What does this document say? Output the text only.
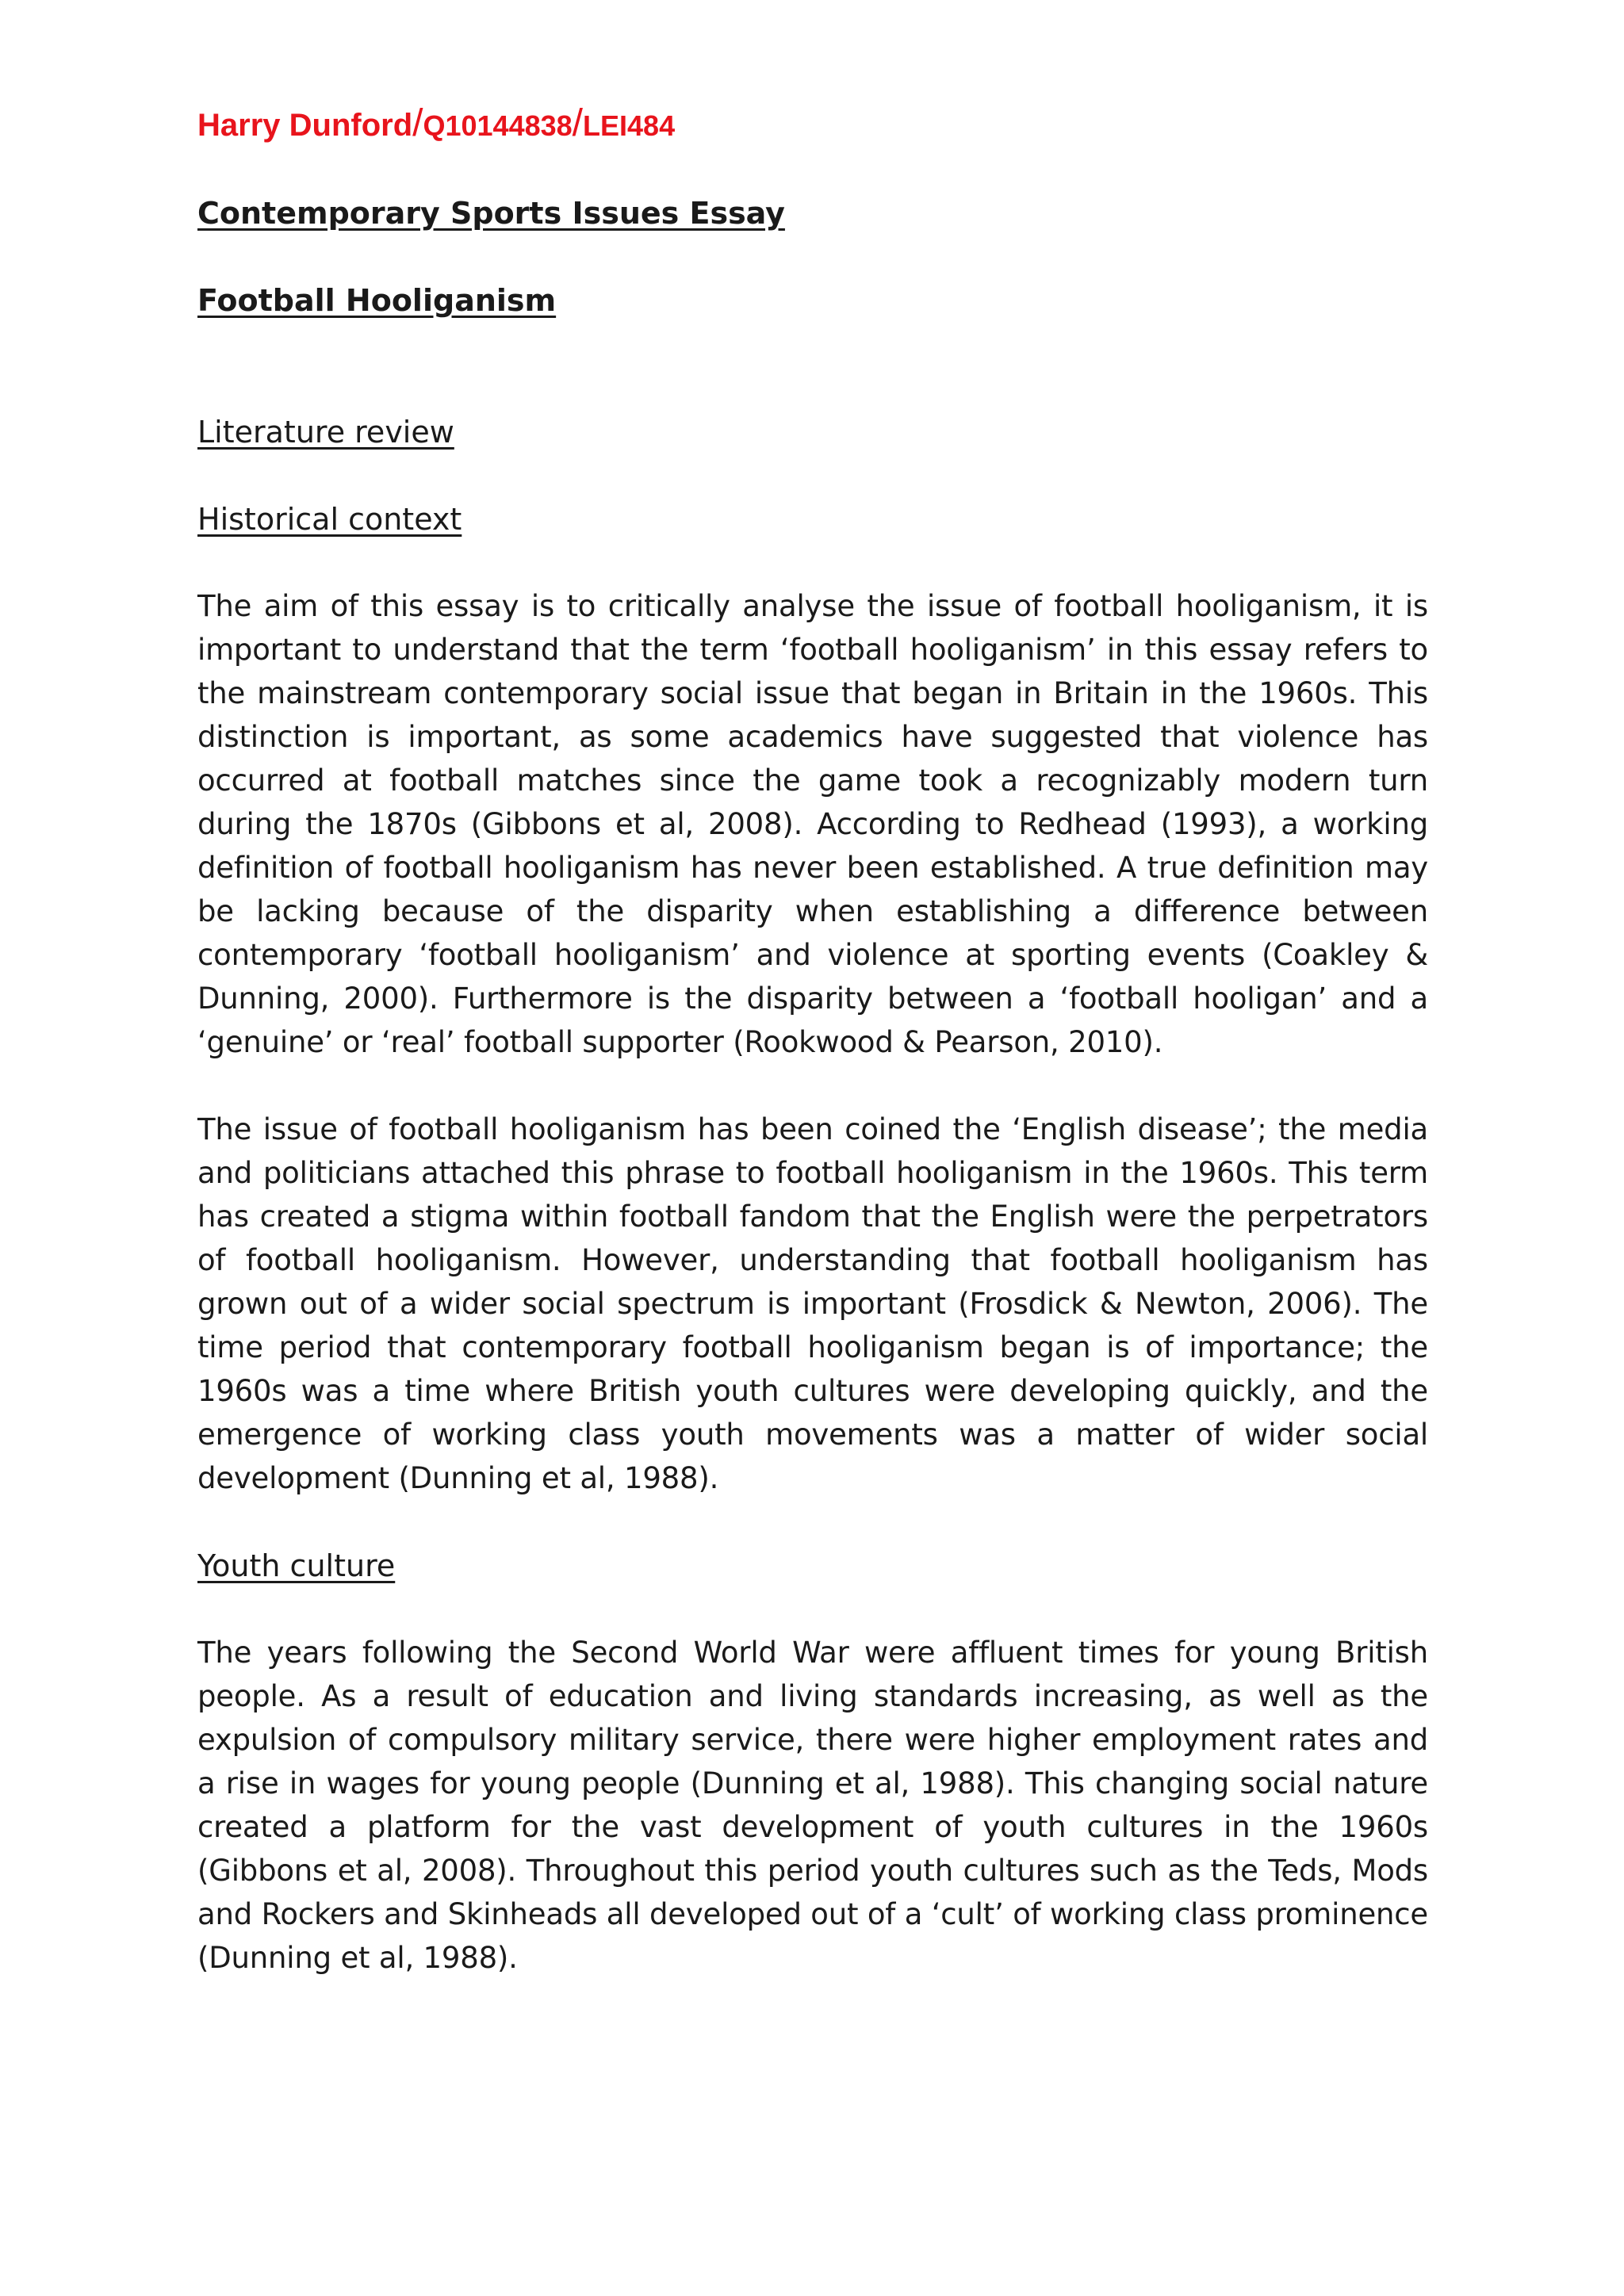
Harry Dunford/Q10144838/LEI484
Contemporary Sports Issues Essay
Football Hooliganism
Literature review
Historical context

The aim of this essay is to critically analyse the issue of football hooliganism, it is important to understand that the term ‘football hooliganism’ in this essay refers to the mainstream contemporary social issue that began in Britain in the 1960s. This distinction is important, as some academics have suggested that violence has occurred at football matches since the game took a recognizably modern turn during the 1870s (Gibbons et al, 2008). According to Redhead (1993), a working definition of football hooliganism has never been established. A true definition may be lacking because of the disparity when establishing a difference between contemporary ‘football hooliganism’ and violence at sporting events (Coakley & Dunning, 2000). Furthermore is the disparity between a ‘football hooligan’ and a ‘genuine’ or ‘real’ football supporter (Rookwood & Pearson, 2010).

The issue of football hooliganism has been coined the ‘English disease’; the media and politicians attached this phrase to football hooliganism in the 1960s. This term has created a stigma within football fandom that the English were the perpetrators of football hooliganism. However, understanding that football hooliganism has grown out of a wider social spectrum is important (Frosdick & Newton, 2006). The time period that contemporary football hooliganism began is of importance; the 1960s was a time where British youth cultures were developing quickly, and the emergence of working class youth movements was a matter of wider social development (Dunning et al, 1988).

Youth culture

The years following the Second World War were affluent times for young British people. As a result of education and living standards increasing, as well as the expulsion of compulsory military service, there were higher employment rates and a rise in wages for young people (Dunning et al, 1988). This changing social nature created a platform for the vast development of youth cultures in the 1960s (Gibbons et al, 2008). Throughout this period youth cultures such as the Teds, Mods and Rockers and Skinheads all developed out of a ‘cult’ of working class prominence (Dunning et al, 1988).
